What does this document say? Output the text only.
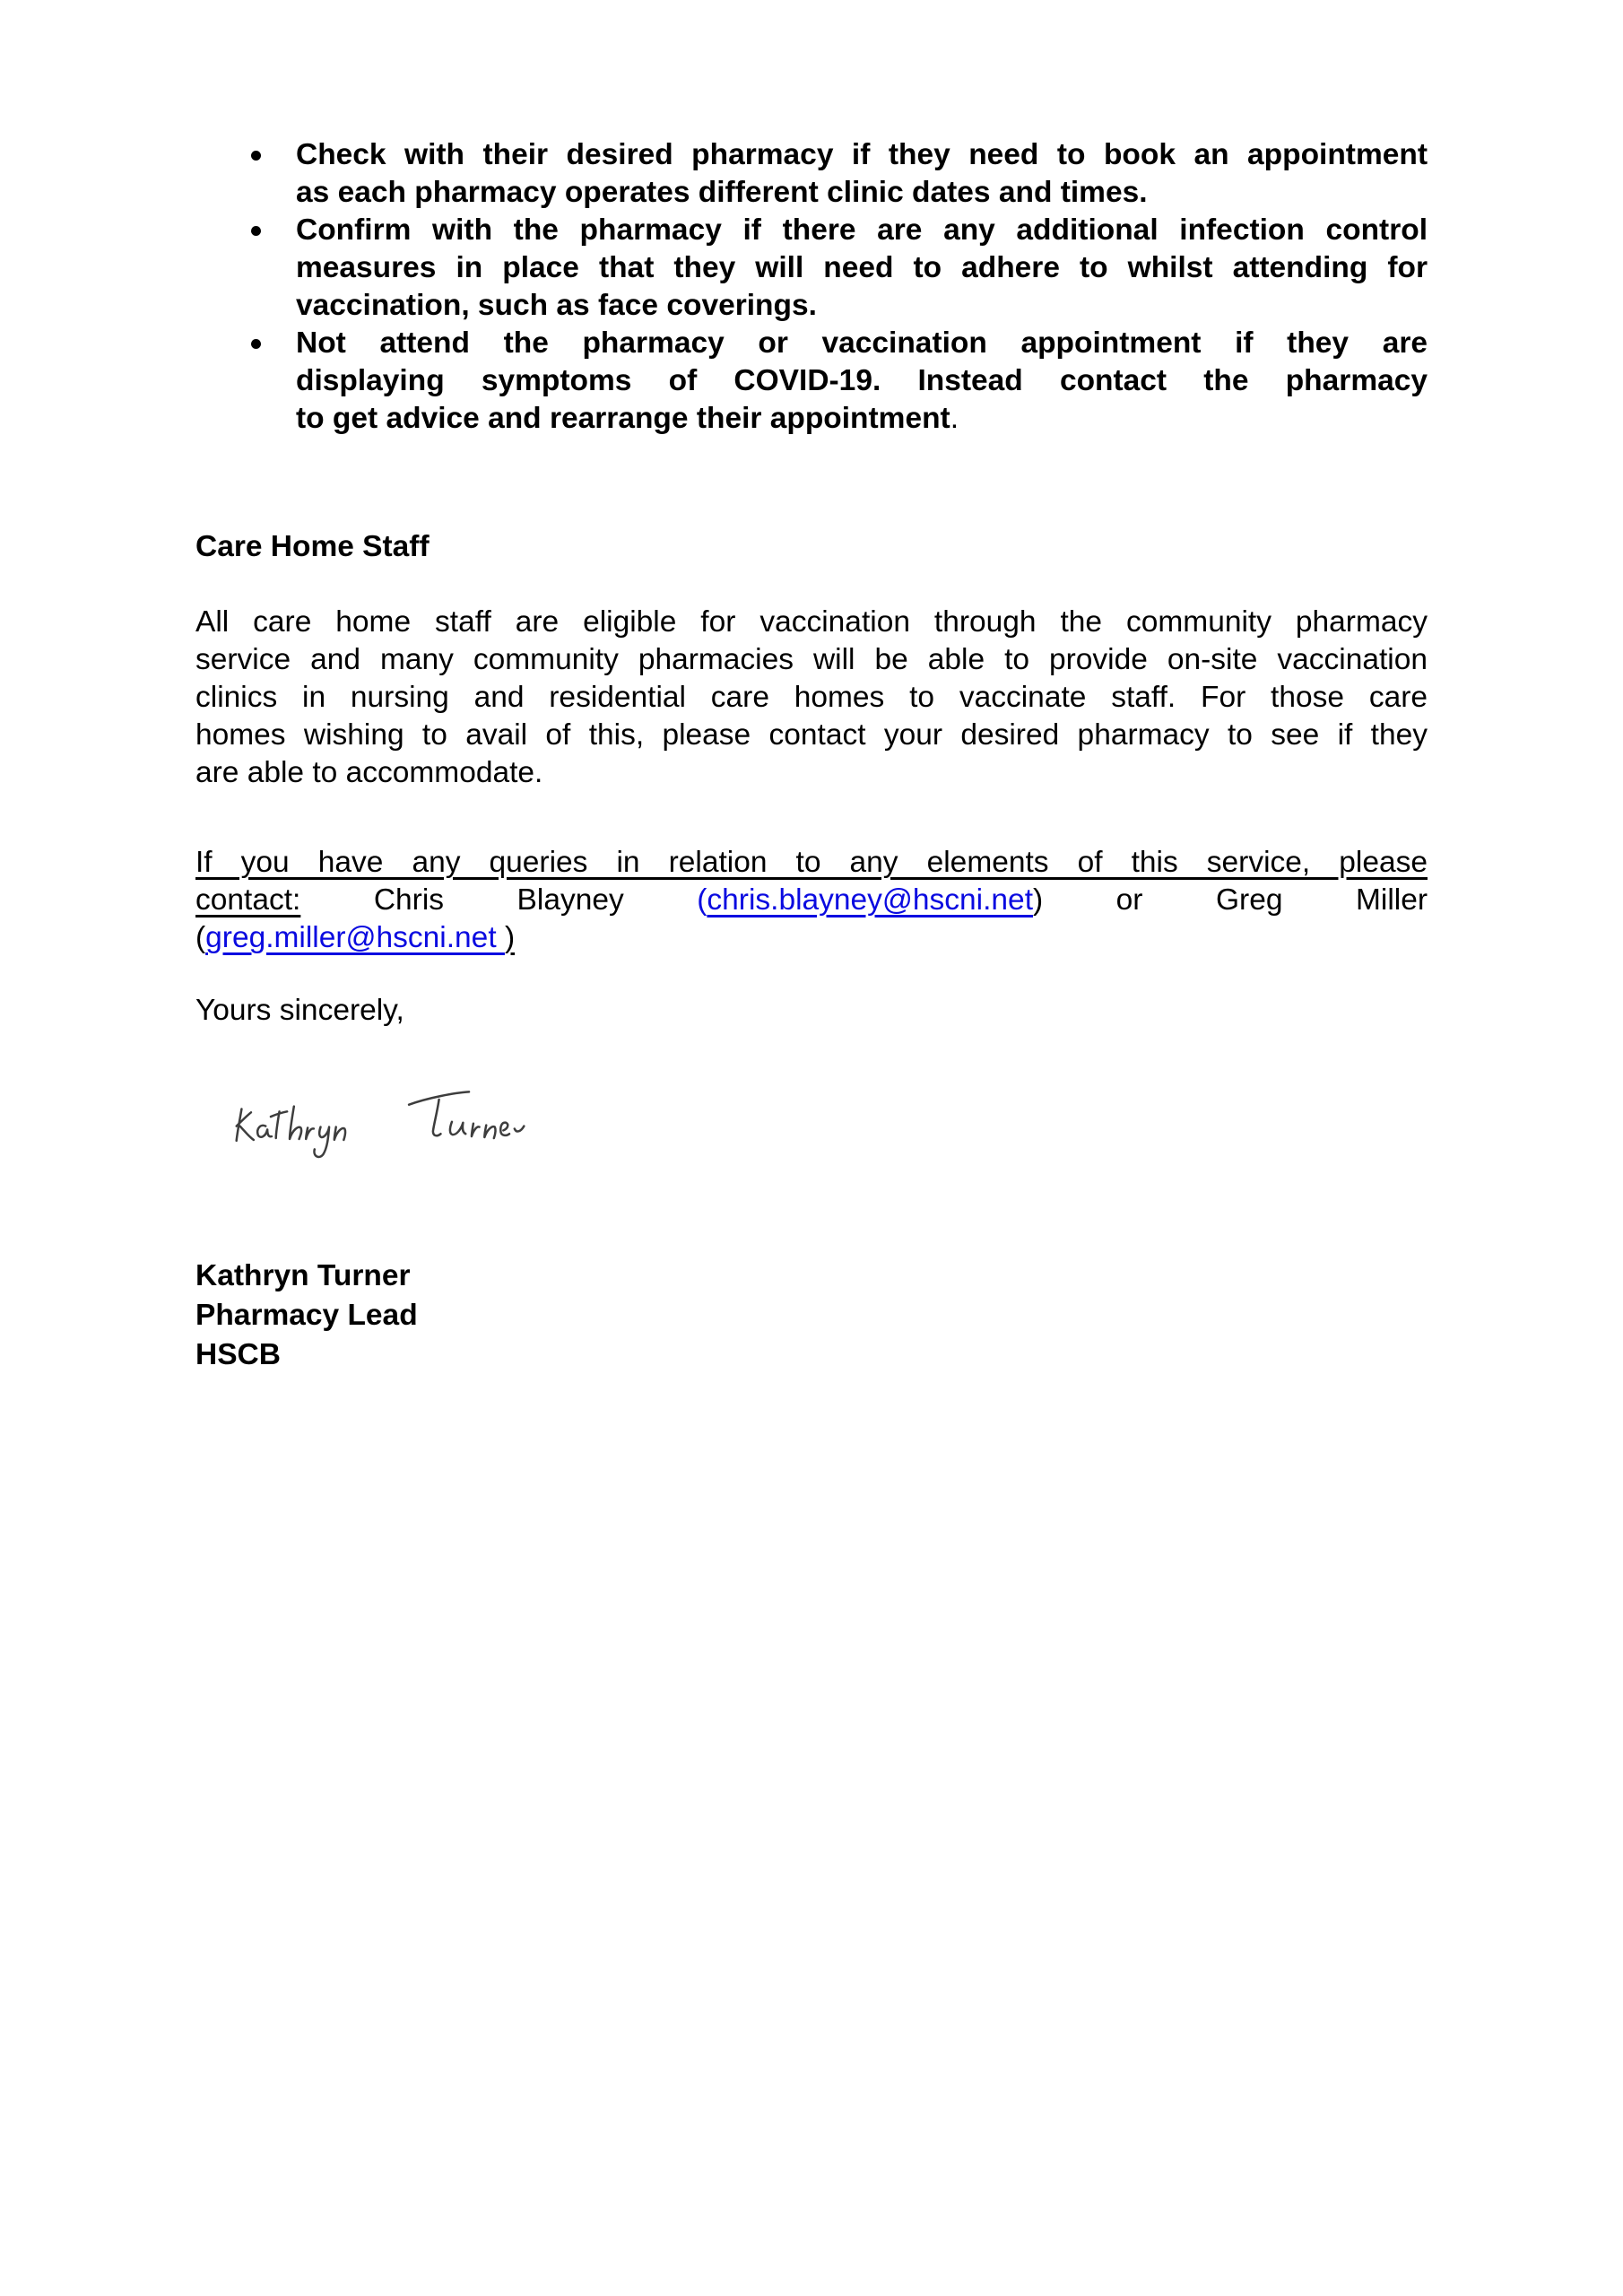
Check with their desired pharmacy if they need to book an appointment
as each pharmacy operates different clinic dates and times.
Confirm with the pharmacy if there are any additional infection control
measures in place that they will need to adhere to whilst attending for
vaccination, such as face coverings.
Not attend the pharmacy or vaccination appointment if they are
displaying symptoms of COVID-19. Instead contact the pharmacy
to get advice and rearrange their appointment.
Care Home Staff
All care home staff are eligible for vaccination through the community pharmacy
service and many community pharmacies will be able to provide on-site vaccination
clinics in nursing and residential care homes to vaccinate staff. For those care
homes wishing to avail of this, please contact your desired pharmacy to see if they
are able to accommodate.
If you have any queries in relation to any elements of this service, please
contact: Chris Blayney (chris.blayney@hscni.net) or Greg Miller
(greg.miller@hscni.net )

Yours sincerely,

Kathryn Turner
Pharmacy Lead
HSCB
